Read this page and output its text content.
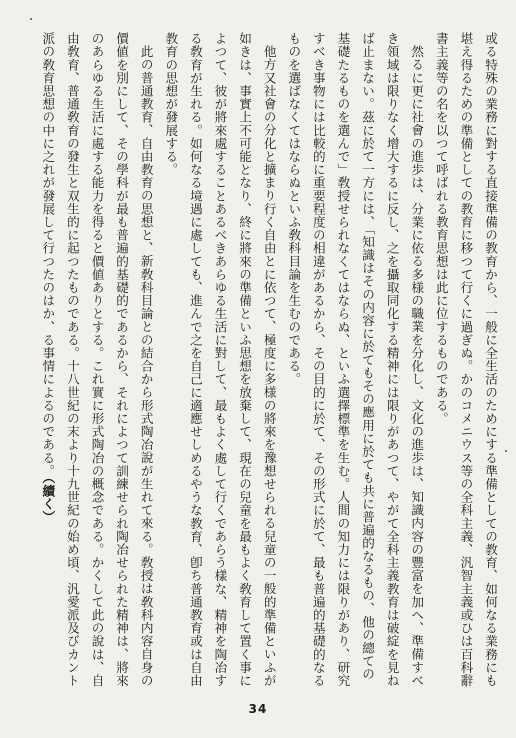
或る特殊の業務に對する直接準備の教育から、一般に全生活のためにする準備としての教育、如何なる業務にも堪え得るための準備としての教育に移つて行くに過ぎぬ。かのコメニウス等の全科主義、汎智主義或ひは百科辭書主義等の名を以つて呼ばれる教育思想は此に位するものである。

然るに更に社會の進歩は、分業に依る多様の職業を分化し、文化の進歩は、知識内容の豐富を加へ、準備すべき領域は限りなく增大するに反し、之を攝取同化する精神には限りがあつて、やがて全科主義教育は破綻を見ねば止まない。茲に於て一方には、「知識はその内容に於てもその應用に於ても共に普遍的なるもの、他の總ての基礎たるものを選んで」敎授せられなくてはならぬ、といふ選擇標準を生む。人間の知力には限りがあり、研究すべき事物には比較的に重要程度の相違があるから、その目的に於て、その形式に於て、最も普遍的基礎的なるものを選ばなくてはならぬといふ敎科目論を生むのである。

他方又社會の分化と擴まり行く自由とに依つて、極度に多様の將來を豫想せられる兒童の一般的準備といふが如きは、事實上不可能となり、終に將來の準備といふ思想を放棄して、現在の兒童を最もよく敎育して置く事によつて、彼が將來處することあるべきあらゆる生活に對して、最もよく處して行くであらう樣な、精神を陶冶する敎育が生れる。如何なる境遇に處しても、進んで之を自己に適應せしめるやうな教育、卽ち普通教育或は自由教育の思想が發展する。

此の普通教育、自由教育の思想と、新敎科目論との結合から形式陶冶說が生れて來る。敎授は敎科内容自身の價値を別にして、その學科が最も普遍的基礎的であるから、それによつて訓練せられ陶冶せられた精神は、將來のあらゆる生活に處する能力を得ると價値ありとする。これ實に形式陶冶の概念である。かくして此の說は、自由敎育、普通敎育の發生と双生的に起つたものである。十八世紀の末より十九世紀の始め頃、汎愛派及びカント派の敎育思想の中に之れが發展して行つたのはか、る事情によるのである。（續く）

34
